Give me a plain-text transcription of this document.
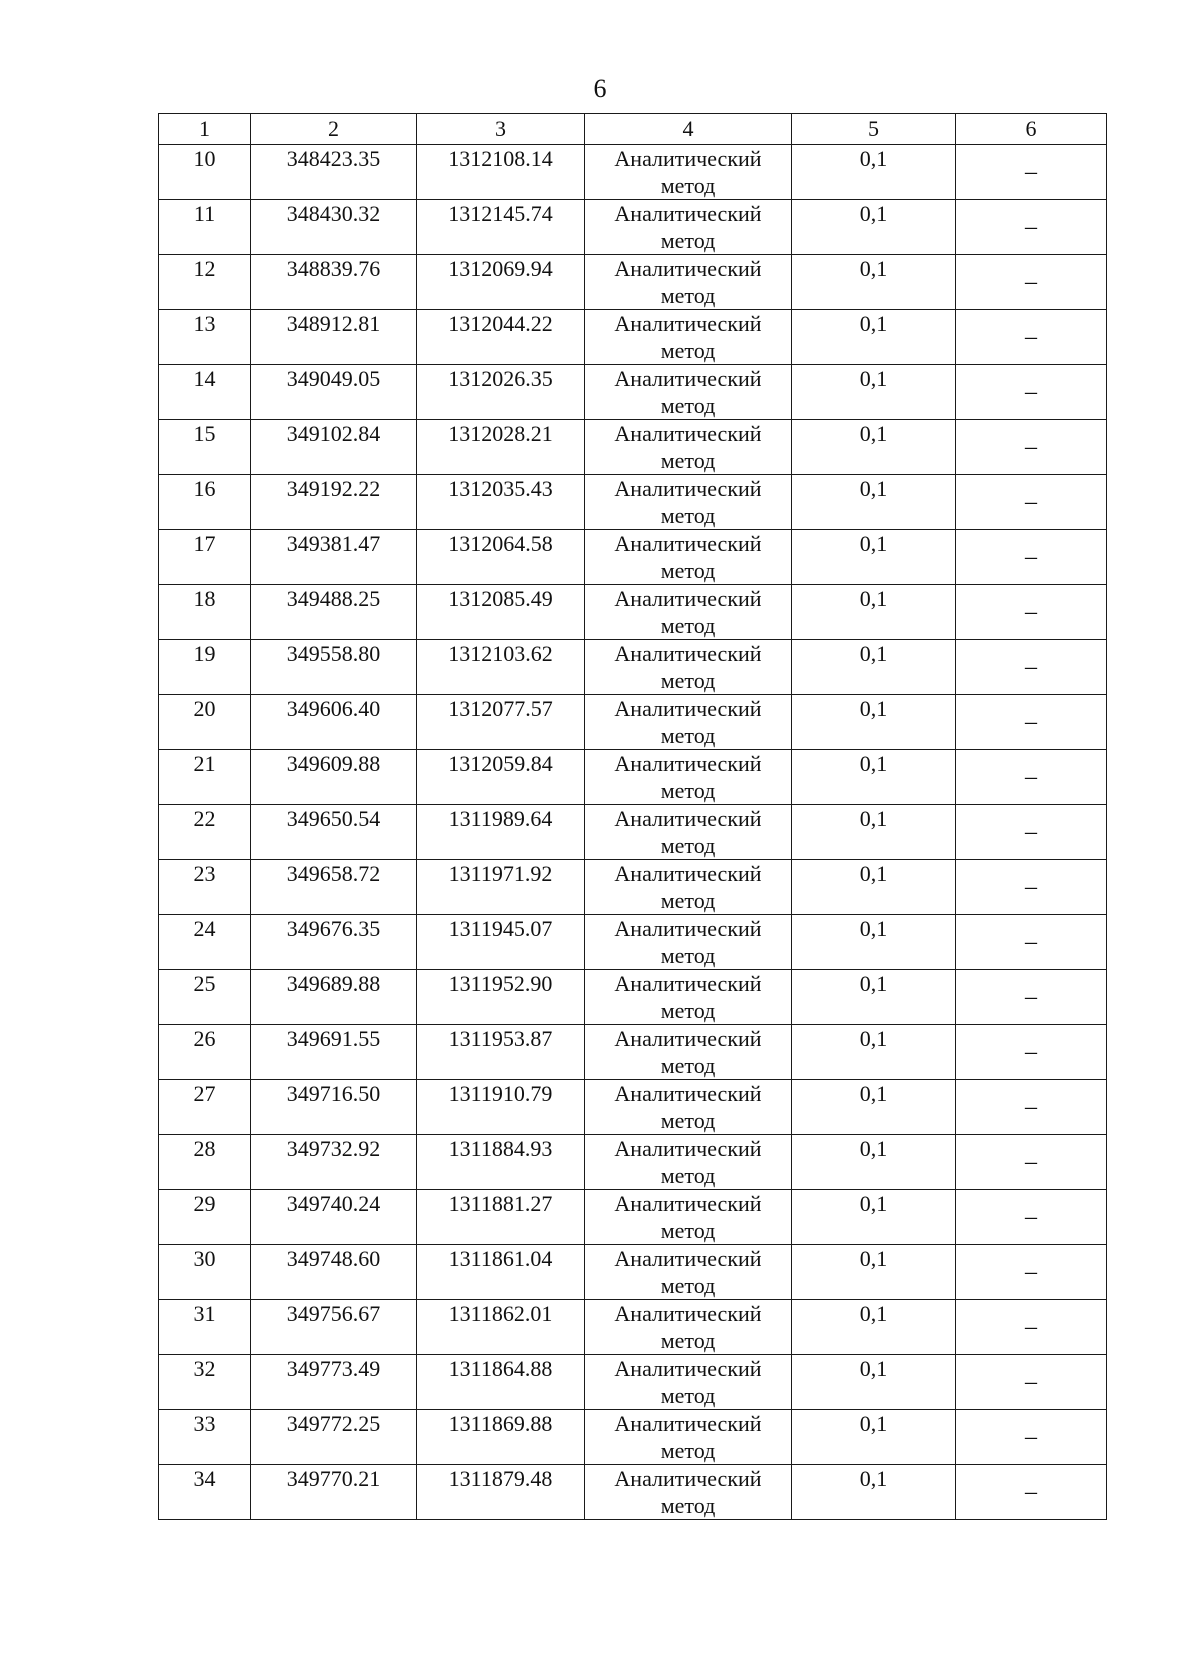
6
1	2	3	4	5	6
10	348423.35	1312108.14	Аналитический
метод	0,1	–
11	348430.32	1312145.74	Аналитический
метод	0,1	–
12	348839.76	1312069.94	Аналитический
метод	0,1	–
13	348912.81	1312044.22	Аналитический
метод	0,1	–
14	349049.05	1312026.35	Аналитический
метод	0,1	–
15	349102.84	1312028.21	Аналитический
метод	0,1	–
16	349192.22	1312035.43	Аналитический
метод	0,1	–
17	349381.47	1312064.58	Аналитический
метод	0,1	–
18	349488.25	1312085.49	Аналитический
метод	0,1	–
19	349558.80	1312103.62	Аналитический
метод	0,1	–
20	349606.40	1312077.57	Аналитический
метод	0,1	–
21	349609.88	1312059.84	Аналитический
метод	0,1	–
22	349650.54	1311989.64	Аналитический
метод	0,1	–
23	349658.72	1311971.92	Аналитический
метод	0,1	–
24	349676.35	1311945.07	Аналитический
метод	0,1	–
25	349689.88	1311952.90	Аналитический
метод	0,1	–
26	349691.55	1311953.87	Аналитический
метод	0,1	–
27	349716.50	1311910.79	Аналитический
метод	0,1	–
28	349732.92	1311884.93	Аналитический
метод	0,1	–
29	349740.24	1311881.27	Аналитический
метод	0,1	–
30	349748.60	1311861.04	Аналитический
метод	0,1	–
31	349756.67	1311862.01	Аналитический
метод	0,1	–
32	349773.49	1311864.88	Аналитический
метод	0,1	–
33	349772.25	1311869.88	Аналитический
метод	0,1	–
34	349770.21	1311879.48	Аналитический
метод	0,1	–
